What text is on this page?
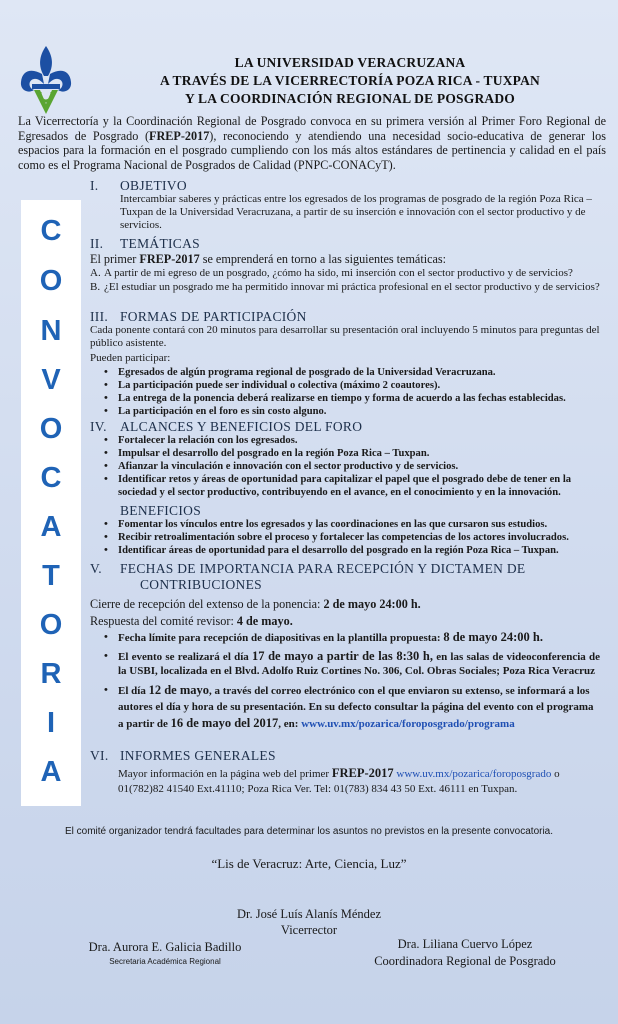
LA UNIVERSIDAD VERACRUZANA
A TRAVÉS DE LA VICERRECTORÍA POZA RICA - TUXPAN
Y LA COORDINACIÓN REGIONAL DE POSGRADO
La Vicerrectoría y la Coordinación Regional de Posgrado convoca en su primera versión al Primer Foro Regional de Egresados de Posgrado (FREP-2017), reconociendo y atendiendo una necesidad socio-educativa de generar los espacios para la formación en el posgrado cumpliendo con los más altos estándares de pertinencia y calidad en el país como es el Programa Nacional de Posgrados de Calidad (PNPC-CONACyT).
C
O
N
V
O
C
A
T
O
R
I
A
I. OBJETIVO
Intercambiar saberes y prácticas entre los egresados de los programas de posgrado de la región Poza Rica – Tuxpan de la Universidad Veracruzana, a partir de su inserción e innovación con el sector productivo y de servicios.
II. TEMÁTICAS
El primer FREP-2017 se emprenderá en torno a las siguientes temáticas:
A. A partir de mi egreso de un posgrado, ¿cómo ha sido, mi inserción con el sector productivo y de servicios?
B. ¿El estudiar un posgrado me ha permitido innovar mi práctica profesional en el sector productivo y de servicios?
III. FORMAS DE PARTICIPACIÓN
Cada ponente contará con 20 minutos para desarrollar su presentación oral incluyendo 5 minutos para preguntas del público asistente.
Pueden participar:
• Egresados de algún programa regional de posgrado de la Universidad Veracruzana.
• La participación puede ser individual o colectiva (máximo 2 coautores).
• La entrega de la ponencia deberá realizarse en tiempo y forma de acuerdo a las fechas establecidas.
• La participación en el foro es sin costo alguno.
IV. ALCANCES Y BENEFICIOS DEL FORO
• Fortalecer la relación con los egresados.
• Impulsar el desarrollo del posgrado en la región Poza Rica – Tuxpan.
• Afianzar la vinculación e innovación con el sector productivo y de servicios.
• Identificar retos y áreas de oportunidad para capitalizar el papel que el posgrado debe de tener en la sociedad y el sector productivo, contribuyendo en el avance, en el conocimiento y en la innovación.
BENEFICIOS
• Fomentar los vínculos entre los egresados y las coordinaciones en las que cursaron sus estudios.
• Recibir retroalimentación sobre el proceso y fortalecer las competencias de los actores involucrados.
• Identificar áreas de oportunidad para el desarrollo del posgrado en la región Poza Rica – Tuxpan.
V. FECHAS DE IMPORTANCIA PARA RECEPCIÓN Y DICTAMEN DE
CONTRIBUCIONES
Cierre de recepción del extenso de la ponencia: 2 de mayo 24:00 h.
Respuesta del comité revisor: 4 de mayo.
• Fecha límite para recepción de diapositivas en la plantilla propuesta: 8 de mayo 24:00 h.
• El evento se realizará el día 17 de mayo a partir de las 8:30 h, en las salas de videoconferencia de la USBI, localizada en el Blvd. Adolfo Ruiz Cortines No. 306, Col. Obras Sociales; Poza Rica Veracruz
• El día 12 de mayo, a través del correo electrónico con el que enviaron su extenso, se informará a los autores el día y hora de su presentación. En su defecto consultar la página del evento con el programa a partir de 16 de mayo del 2017, en: www.uv.mx/pozarica/foroposgrado/programa
VI. INFORMES GENERALES
Mayor información en la página web del primer FREP-2017 www.uv.mx/pozarica/foroposgrado o 01(782)82 41540 Ext.41110; Poza Rica Ver. Tel: 01(783) 834 43 50 Ext. 46111 en Tuxpan.
El comité organizador tendrá facultades para determinar los asuntos no previstos en la presente convocatoria.
“Lis de Veracruz: Arte, Ciencia, Luz”
Dr. José Luís Alanís Méndez
Vicerrector
Dra. Aurora E. Galicia Badillo
Secretaria Académica Regional
Dra. Liliana Cuervo López
Coordinadora Regional de Posgrado
